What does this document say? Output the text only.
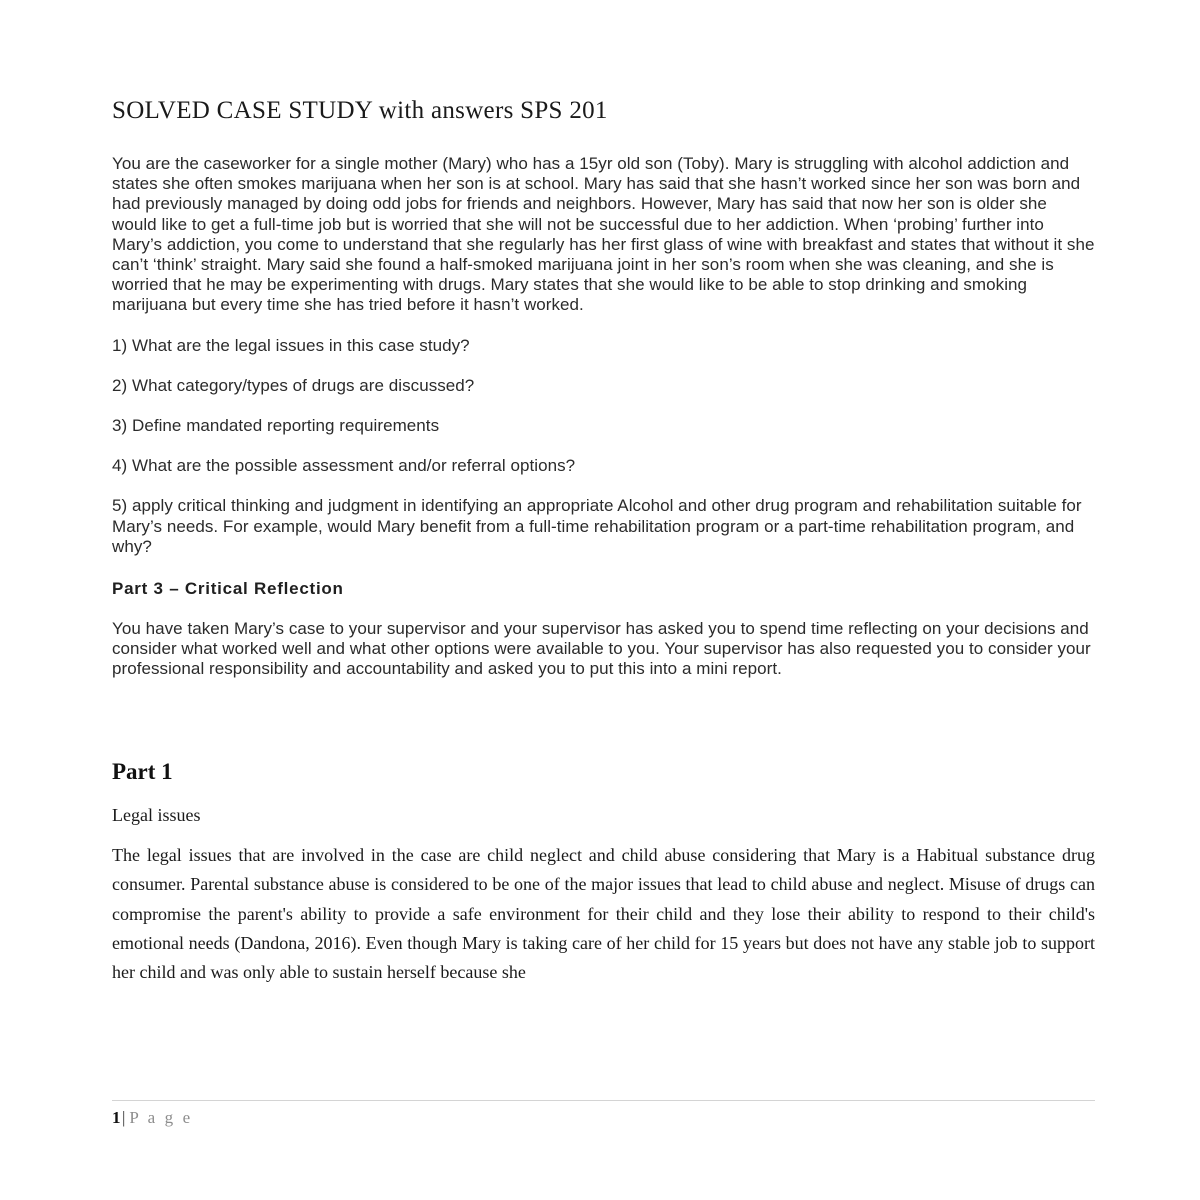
SOLVED CASE STUDY with answers SPS 201

You are the caseworker for a single mother (Mary) who has a 15yr old son (Toby). Mary is struggling with alcohol addiction and states she often smokes marijuana when her son is at school. Mary has said that she hasn’t worked since her son was born and had previously managed by doing odd jobs for friends and neighbors. However, Mary has said that now her son is older she would like to get a full-time job but is worried that she will not be successful due to her addiction. When ‘probing’ further into Mary’s addiction, you come to understand that she regularly has her first glass of wine with breakfast and states that without it she can’t ‘think’ straight. Mary said she found a half-smoked marijuana joint in her son’s room when she was cleaning, and she is worried that he may be experimenting with drugs. Mary states that she would like to be able to stop drinking and smoking marijuana but every time she has tried before it hasn’t worked.

1) What are the legal issues in this case study?

2) What category/types of drugs are discussed?

3) Define mandated reporting requirements

4) What are the possible assessment and/or referral options?

5) apply critical thinking and judgment in identifying an appropriate Alcohol and other drug program and rehabilitation suitable for Mary’s needs. For example, would Mary benefit from a full-time rehabilitation program or a part-time rehabilitation program, and why?

Part 3 – Critical Reflection

You have taken Mary’s case to your supervisor and your supervisor has asked you to spend time reflecting on your decisions and consider what worked well and what other options were available to you. Your supervisor has also requested you to consider your professional responsibility and accountability and asked you to put this into a mini report.

Part 1
Legal issues

The legal issues that are involved in the case are child neglect and child abuse considering that Mary is a Habitual substance drug consumer. Parental substance abuse is considered to be one of the major issues that lead to child abuse and neglect. Misuse of drugs can compromise the parent's ability to provide a safe environment for their child and they lose their ability to respond to their child's emotional needs (Dandona, 2016). Even though Mary is taking care of her child for 15 years but does not have any stable job to support her child and was only able to sustain herself because she

1| P a g e
